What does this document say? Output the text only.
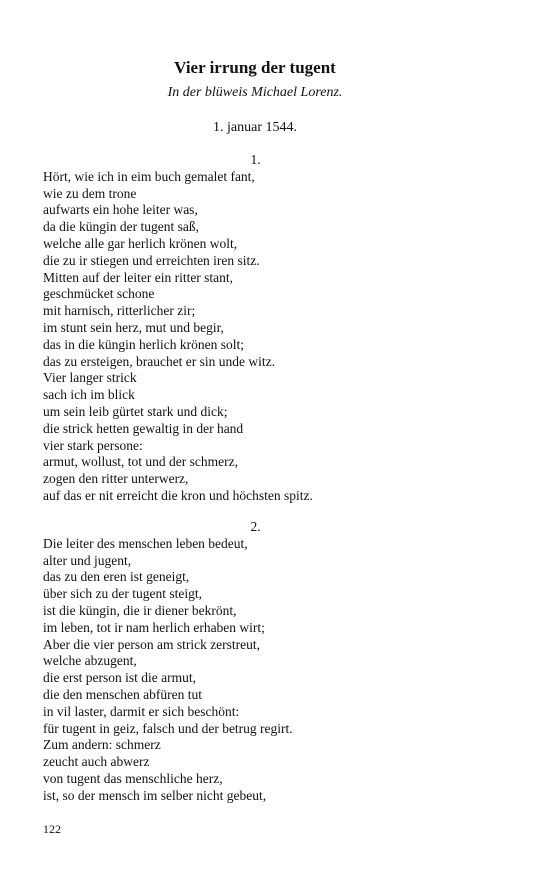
Vier irrung der tugent
In der blüweis Michael Lorenz.
1. januar 1544.
1.
Hört, wie ich in eim buch gemalet fant,
wie zu dem trone
aufwarts ein hohe leiter was,
da die küngin der tugent saß,
welche alle gar herlich krönen wolt,
die zu ir stiegen und erreichten iren sitz.
Mitten auf der leiter ein ritter stant,
geschmücket schone
mit harnisch, ritterlicher zir;
im stunt sein herz, mut und begir,
das in die küngin herlich krönen solt;
das zu ersteigen, brauchet er sin unde witz.
Vier langer strick
sach ich im blick
um sein leib gürtet stark und dick;
die strick hetten gewaltig in der hand
vier stark persone:
armut, wollust, tot und der schmerz,
zogen den ritter unterwerz,
auf das er nit erreicht die kron und höchsten spitz.
2.
Die leiter des menschen leben bedeut,
alter und jugent,
das zu den eren ist geneigt,
über sich zu der tugent steigt,
ist die küngin, die ir diener bekrönt,
im leben, tot ir nam herlich erhaben wirt;
Aber die vier person am strick zerstreut,
welche abzugent,
die erst person ist die armut,
die den menschen abfüren tut
in vil laster, darmit er sich beschönt:
für tugent in geiz, falsch und der betrug regirt.
Zum andern: schmerz
zeucht auch abwerz
von tugent das menschliche herz,
ist, so der mensch im selber nicht gebeut,
122
